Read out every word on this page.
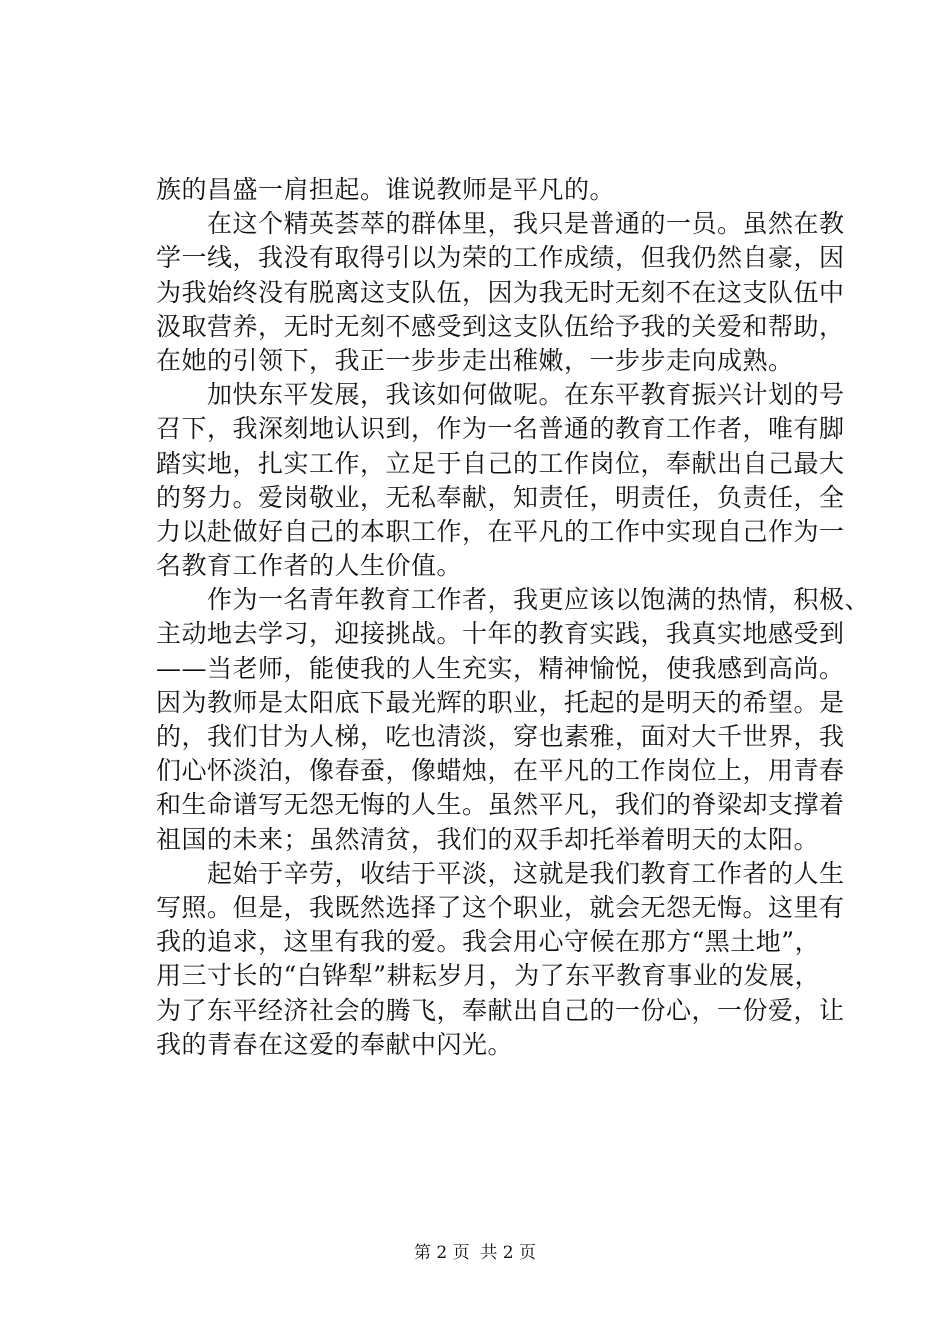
族的昌盛一肩担起。谁说教师是平凡的。
　　在这个精英荟萃的群体里，我只是普通的一员。虽然在教
学一线，我没有取得引以为荣的工作成绩，但我仍然自豪，因
为我始终没有脱离这支队伍，因为我无时无刻不在这支队伍中
汲取营养，无时无刻不感受到这支队伍给予我的关爱和帮助，
在她的引领下，我正一步步走出稚嫩，一步步走向成熟。
　　加快东平发展，我该如何做呢。在东平教育振兴计划的号
召下，我深刻地认识到，作为一名普通的教育工作者，唯有脚
踏实地，扎实工作，立足于自己的工作岗位，奉献出自己最大
的努力。爱岗敬业，无私奉献，知责任，明责任，负责任，全
力以赴做好自己的本职工作，在平凡的工作中实现自己作为一
名教育工作者的人生价值。
　　作为一名青年教育工作者，我更应该以饱满的热情，积极、
主动地去学习，迎接挑战。十年的教育实践，我真实地感受到
——当老师，能使我的人生充实，精神愉悦，使我感到高尚。
因为教师是太阳底下最光辉的职业，托起的是明天的希望。是
的，我们甘为人梯，吃也清淡，穿也素雅，面对大千世界，我
们心怀淡泊，像春蚕，像蜡烛，在平凡的工作岗位上，用青春
和生命谱写无怨无悔的人生。虽然平凡，我们的脊梁却支撑着
祖国的未来；虽然清贫，我们的双手却托举着明天的太阳。
　　起始于辛劳，收结于平淡，这就是我们教育工作者的人生
写照。但是，我既然选择了这个职业，就会无怨无悔。这里有
我的追求，这里有我的爱。我会用心守候在那方“黑土地”，
用三寸长的“白铧犁”耕耘岁月，为了东平教育事业的发展，
为了东平经济社会的腾飞，奉献出自己的一份心，一份爱，让
我的青春在这爱的奉献中闪光。
第 2 页  共 2 页
